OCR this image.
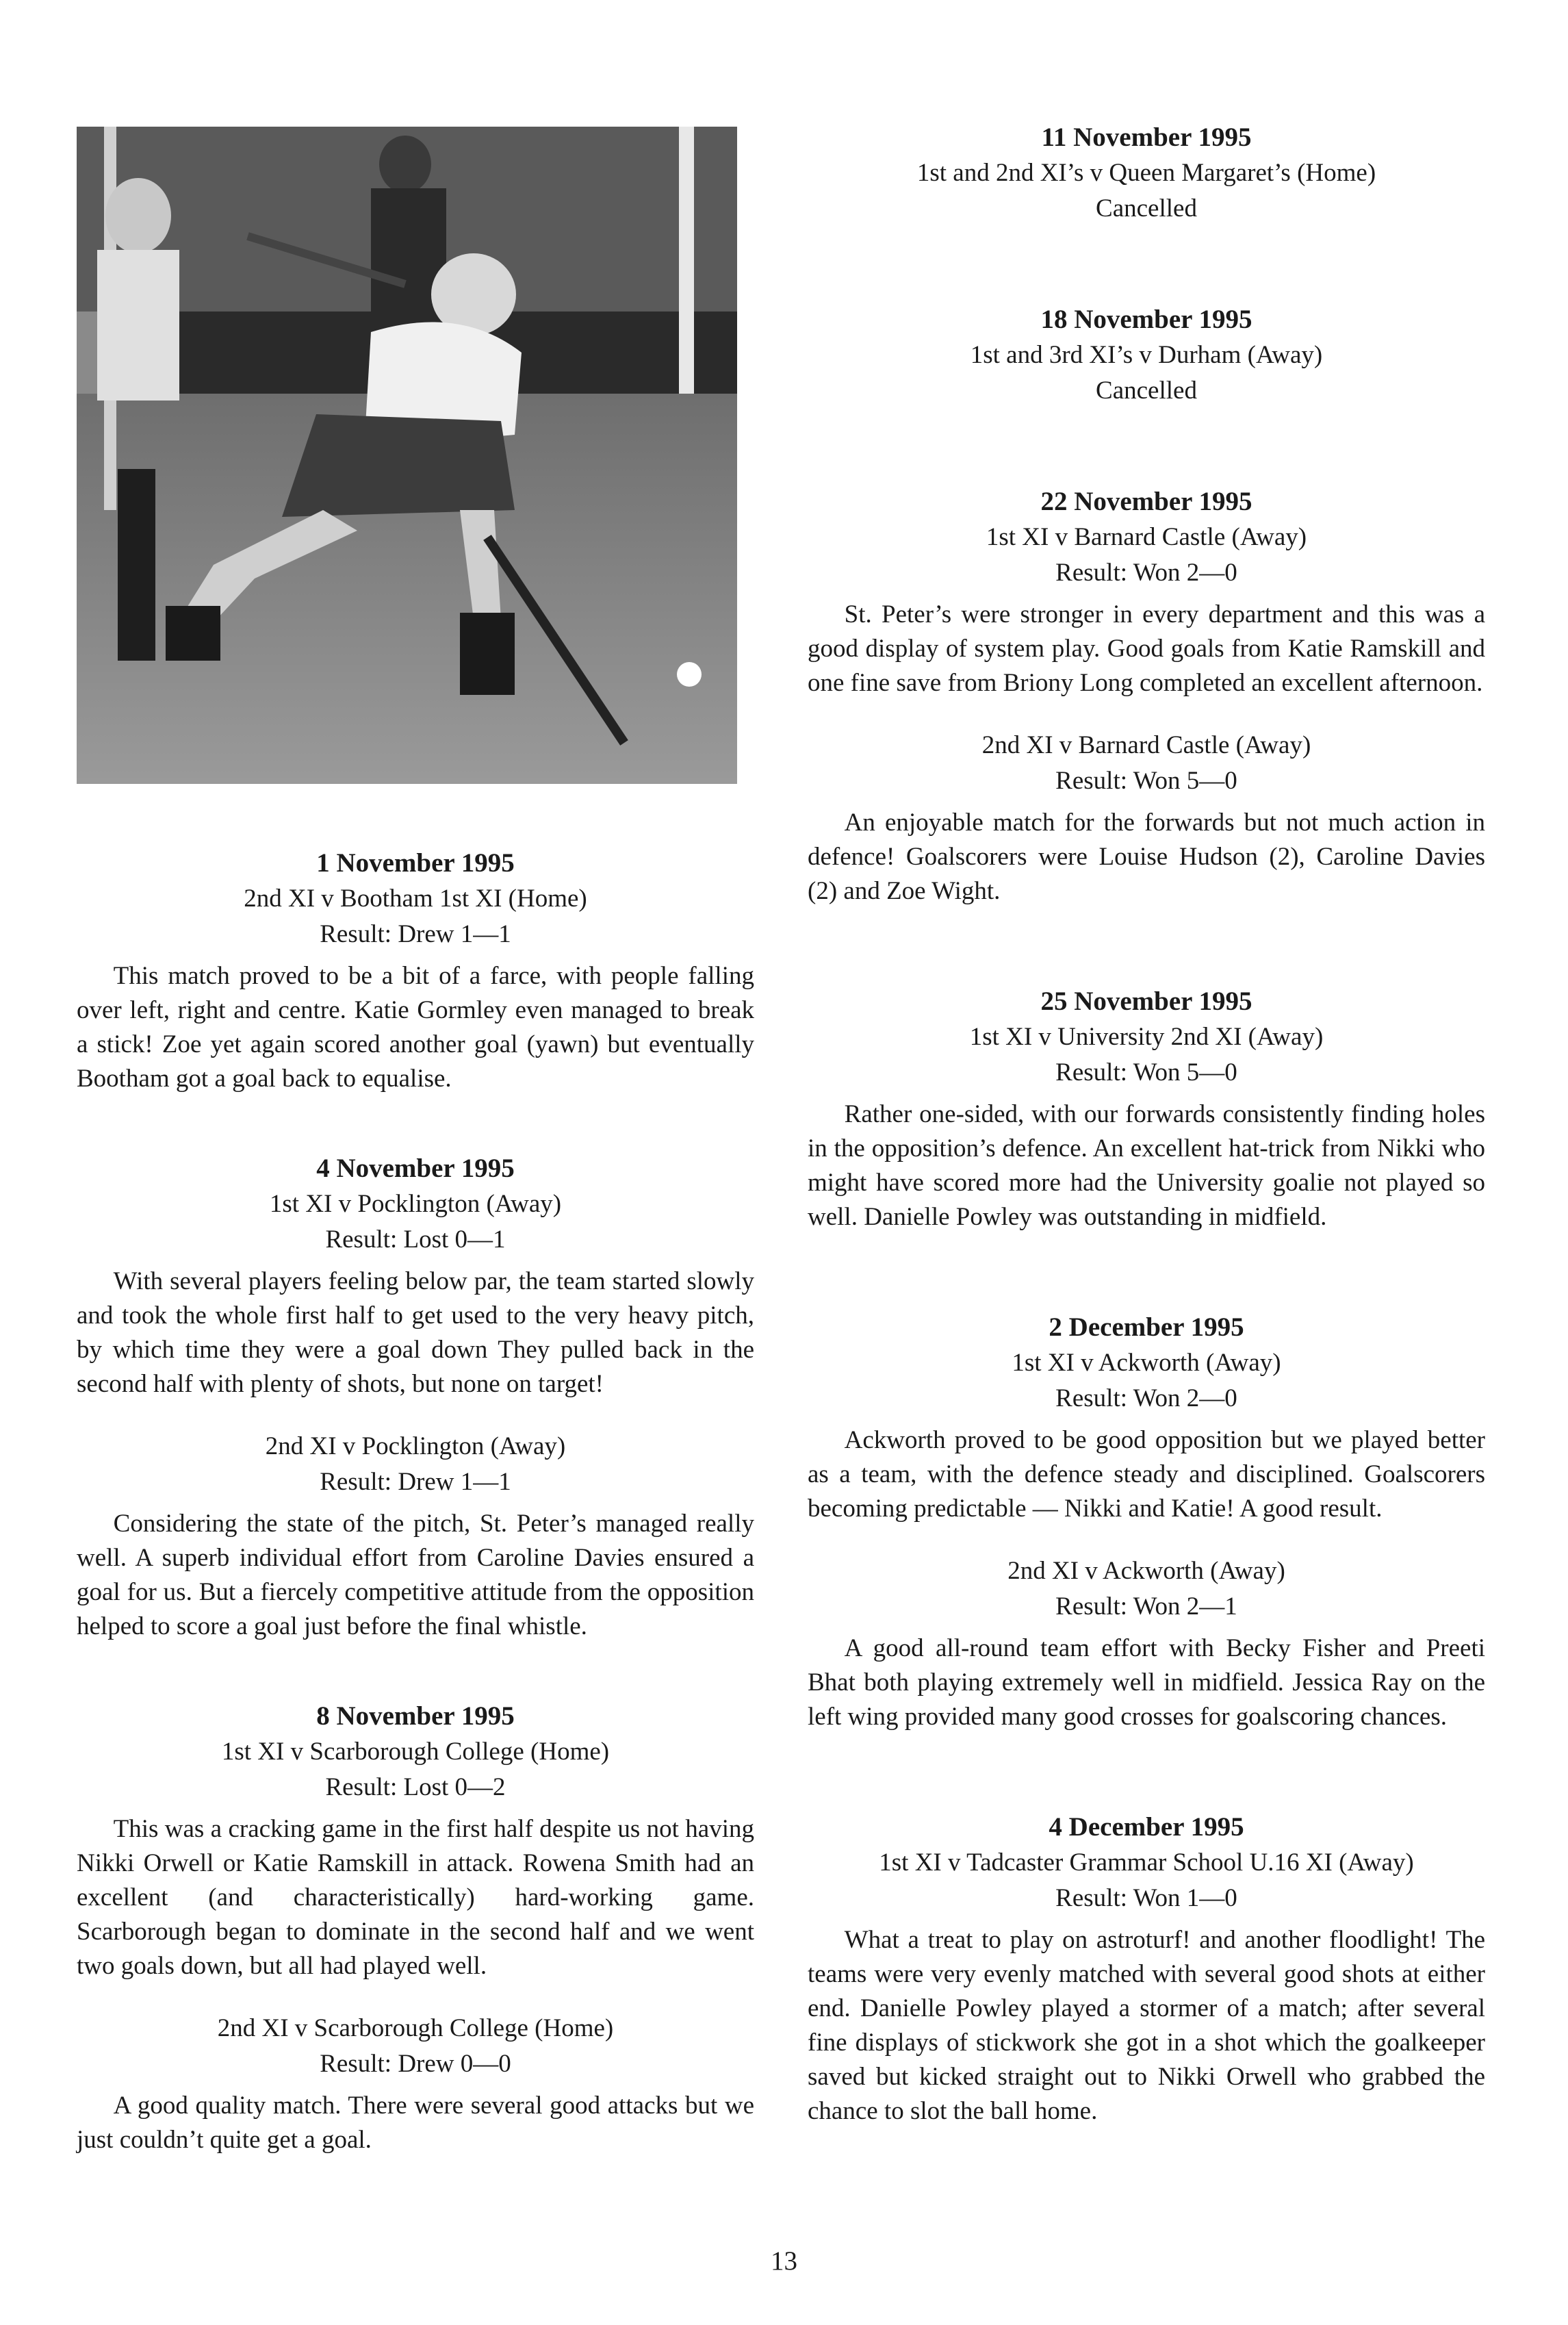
1 November 1995
2nd XI v Bootham 1st XI (Home)
Result: Drew 1—1

This match proved to be a bit of a farce, with people falling over left, right and centre. Katie Gormley even managed to break a stick! Zoe yet again scored another goal (yawn) but eventually Bootham got a goal back to equalise.

4 November 1995
1st XI v Pocklington (Away)
Result: Lost 0—1

With several players feeling below par, the team started slowly and took the whole first half to get used to the very heavy pitch, by which time they were a goal down They pulled back in the second half with plenty of shots, but none on target!

2nd XI v Pocklington (Away)
Result: Drew 1—1

Considering the state of the pitch, St. Peter’s managed really well. A superb individual effort from Caroline Davies ensured a goal for us. But a fiercely competitive attitude from the opposition helped to score a goal just before the final whistle.

8 November 1995
1st XI v Scarborough College (Home)
Result: Lost 0—2

This was a cracking game in the first half despite us not having Nikki Orwell or Katie Ramskill in attack. Rowena Smith had an excellent (and characteristically) hard-working game. Scarborough began to dominate in the second half and we went two goals down, but all had played well.

2nd XI v Scarborough College (Home)
Result: Drew 0—0

A good quality match. There were several good attacks but we just couldn’t quite get a goal.

11 November 1995
1st and 2nd XI’s v Queen Margaret’s (Home)
Cancelled
18 November 1995
1st and 3rd XI’s v Durham (Away)
Cancelled
22 November 1995
1st XI v Barnard Castle (Away)
Result: Won 2—0

St. Peter’s were stronger in every department and this was a good display of system play. Good goals from Katie Ramskill and one fine save from Briony Long completed an excellent afternoon.

2nd XI v Barnard Castle (Away)
Result: Won 5—0

An enjoyable match for the forwards but not much action in defence! Goalscorers were Louise Hudson (2), Caroline Davies (2) and Zoe Wight.

25 November 1995
1st XI v University 2nd XI (Away)
Result: Won 5—0

Rather one-sided, with our forwards consistently finding holes in the opposition’s defence. An excellent hat-trick from Nikki who might have scored more had the University goalie not played so well. Danielle Powley was outstanding in midfield.

2 December 1995
1st XI v Ackworth (Away)
Result: Won 2—0

Ackworth proved to be good opposition but we played better as a team, with the defence steady and disciplined. Goalscorers becoming predictable — Nikki and Katie! A good result.

2nd XI v Ackworth (Away)
Result: Won 2—1

A good all-round team effort with Becky Fisher and Preeti Bhat both playing extremely well in midfield. Jessica Ray on the left wing provided many good crosses for goalscoring chances.

4 December 1995
1st XI v Tadcaster Grammar School U.16 XI (Away)
Result: Won 1—0

What a treat to play on astroturf! and another floodlight! The teams were very evenly matched with several good shots at either end. Danielle Powley played a stormer of a match; after several fine displays of stickwork she got in a shot which the goalkeeper saved but kicked straight out to Nikki Orwell who grabbed the chance to slot the ball home.

13
